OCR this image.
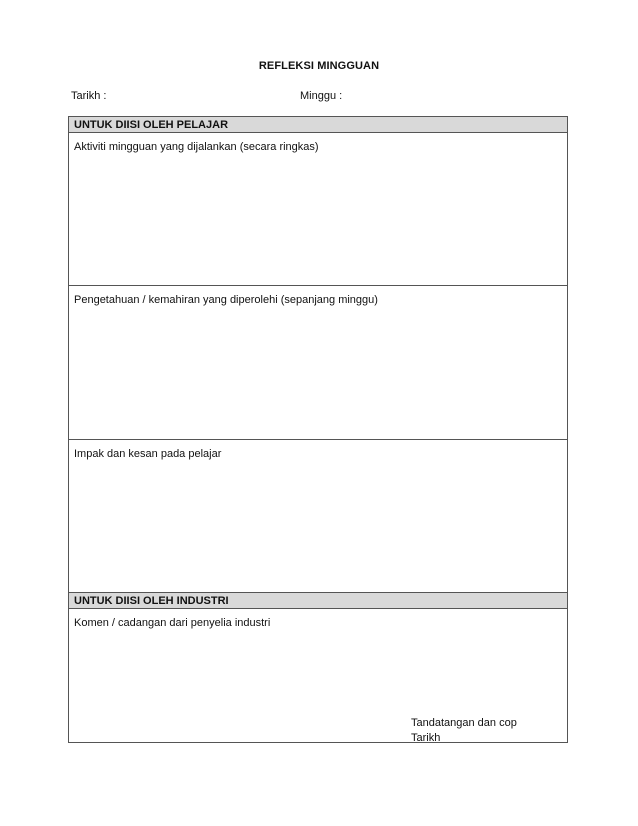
REFLEKSI MINGGUAN
Tarikh :	Minggu :
UNTUK DIISI OLEH PELAJAR
Aktiviti mingguan yang dijalankan (secara ringkas)
Pengetahuan / kemahiran yang diperolehi (sepanjang minggu)
Impak dan kesan pada pelajar
UNTUK DIISI OLEH INDUSTRI
Komen / cadangan dari penyelia industri
Tandatangan dan cop
Tarikh
